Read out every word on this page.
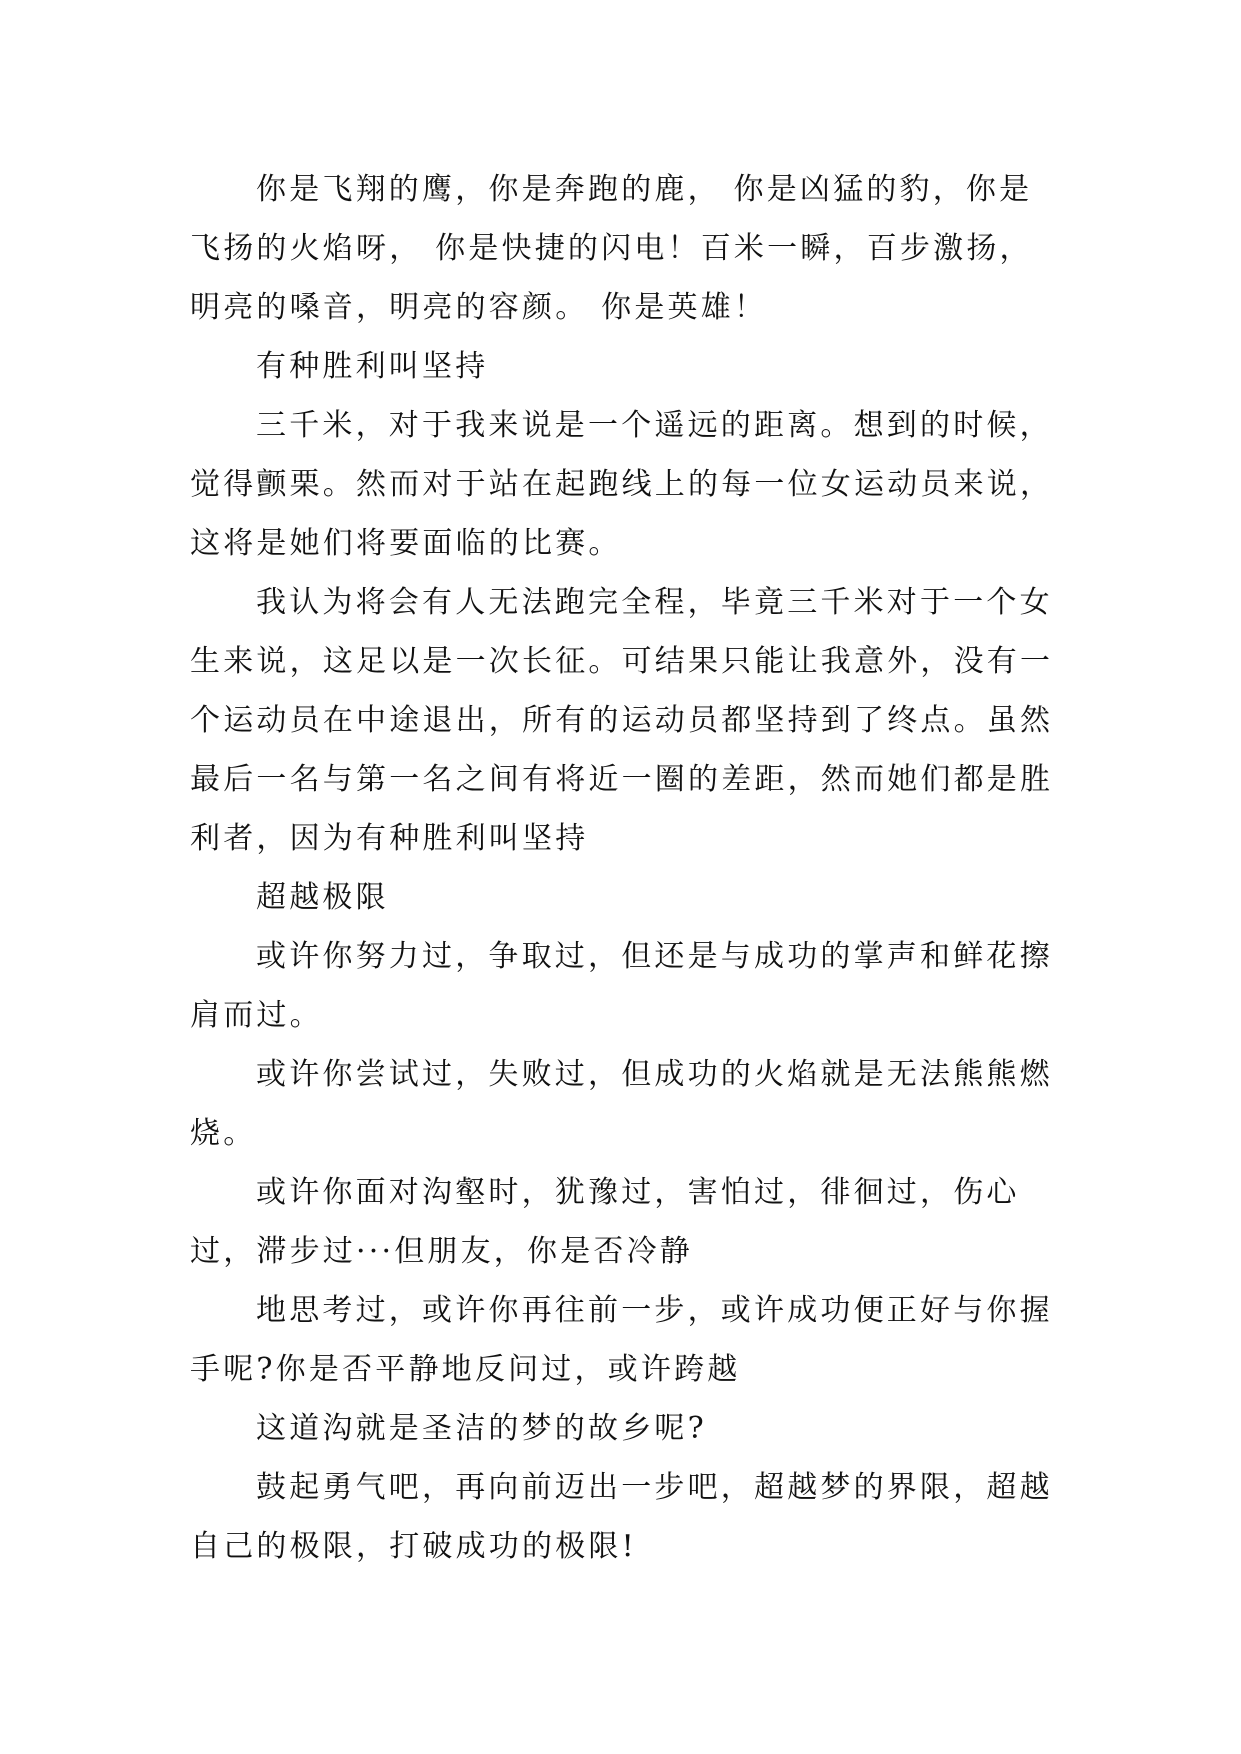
你是飞翔的鹰，你是奔跑的鹿， 你是凶猛的豹，你是飞扬的火焰呀， 你是快捷的闪电！百米一瞬，百步激扬，明亮的嗓音，明亮的容颜。 你是英雄！

有种胜利叫坚持

三千米，对于我来说是一个遥远的距离。想到的时候，觉得颤栗。然而对于站在起跑线上的每一位女运动员来说，这将是她们将要面临的比赛。

我认为将会有人无法跑完全程，毕竟三千米对于一个女生来说，这足以是一次长征。可结果只能让我意外，没有一个运动员在中途退出，所有的运动员都坚持到了终点。虽然最后一名与第一名之间有将近一圈的差距，然而她们都是胜利者，因为有种胜利叫坚持

超越极限

或许你努力过，争取过，但还是与成功的掌声和鲜花擦肩而过。

或许你尝试过，失败过，但成功的火焰就是无法熊熊燃烧。

或许你面对沟壑时，犹豫过，害怕过，徘徊过，伤心过，滞步过···但朋友，你是否冷静

地思考过，或许你再往前一步，或许成功便正好与你握手呢?你是否平静地反问过，或许跨越

这道沟就是圣洁的梦的故乡呢?

鼓起勇气吧，再向前迈出一步吧，超越梦的界限，超越自己的极限，打破成功的极限!
